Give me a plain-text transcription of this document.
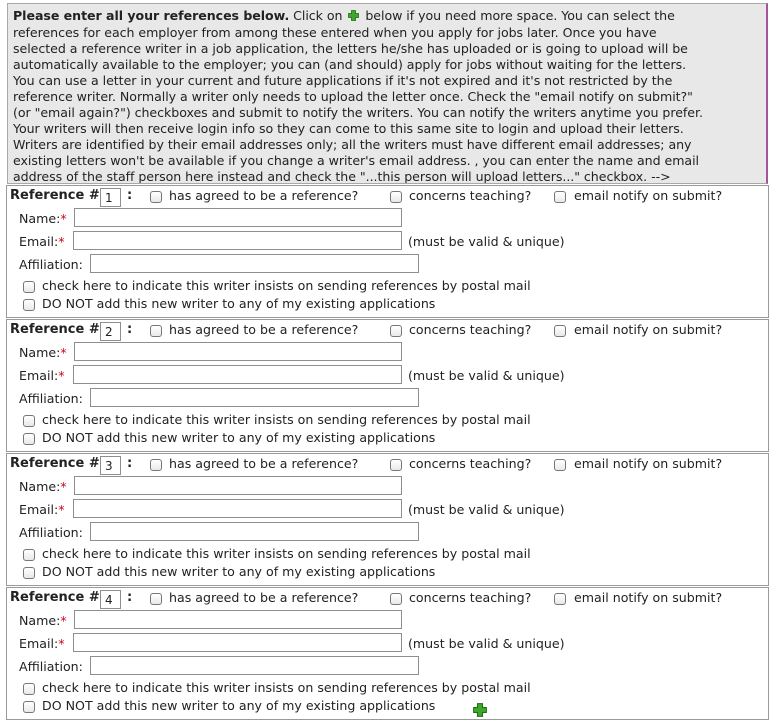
Please enter all your references below. Click on  below if you need more space. You can select the
references for each employer from among these entered when you apply for jobs later. Once you have
selected a reference writer in a job application, the letters he/she has uploaded or is going to upload will be
automatically available to the employer; you can (and should) apply for jobs without waiting for the letters.
You can use a letter in your current and future applications if it's not expired and it's not restricted by the
reference writer. Normally a writer only needs to upload the letter once. Check the "email notify on submit?"
(or "email again?") checkboxes and submit to notify the writers. You can notify the writers anytime you prefer.
Your writers will then receive login info so they can come to this same site to login and upload their letters.
Writers are identified by their email addresses only; all the writers must have different email addresses; any
existing letters won't be available if you change a writer's email address. , you can enter the name and email
address of the staff person here instead and check the "...this person will upload letters..." checkbox. -->
Reference #
1 :	has agreed to be a reference?	concerns teaching?	email notify on submit?
Name:*
Email:*	(must be valid & unique)
Affiliation:
check here to indicate this writer insists on sending references by postal mail
DO NOT add this new writer to any of my existing applications
Reference #
2 :	has agreed to be a reference?	concerns teaching?	email notify on submit?
Name:*
Email:*	(must be valid & unique)
Affiliation:
check here to indicate this writer insists on sending references by postal mail
DO NOT add this new writer to any of my existing applications
Reference #
3 :	has agreed to be a reference?	concerns teaching?	email notify on submit?
Name:*
Email:*	(must be valid & unique)
Affiliation:
check here to indicate this writer insists on sending references by postal mail
DO NOT add this new writer to any of my existing applications
Reference #
4 :	has agreed to be a reference?	concerns teaching?	email notify on submit?
Name:*
Email:*	(must be valid & unique)
Affiliation:
check here to indicate this writer insists on sending references by postal mail
DO NOT add this new writer to any of my existing applications
